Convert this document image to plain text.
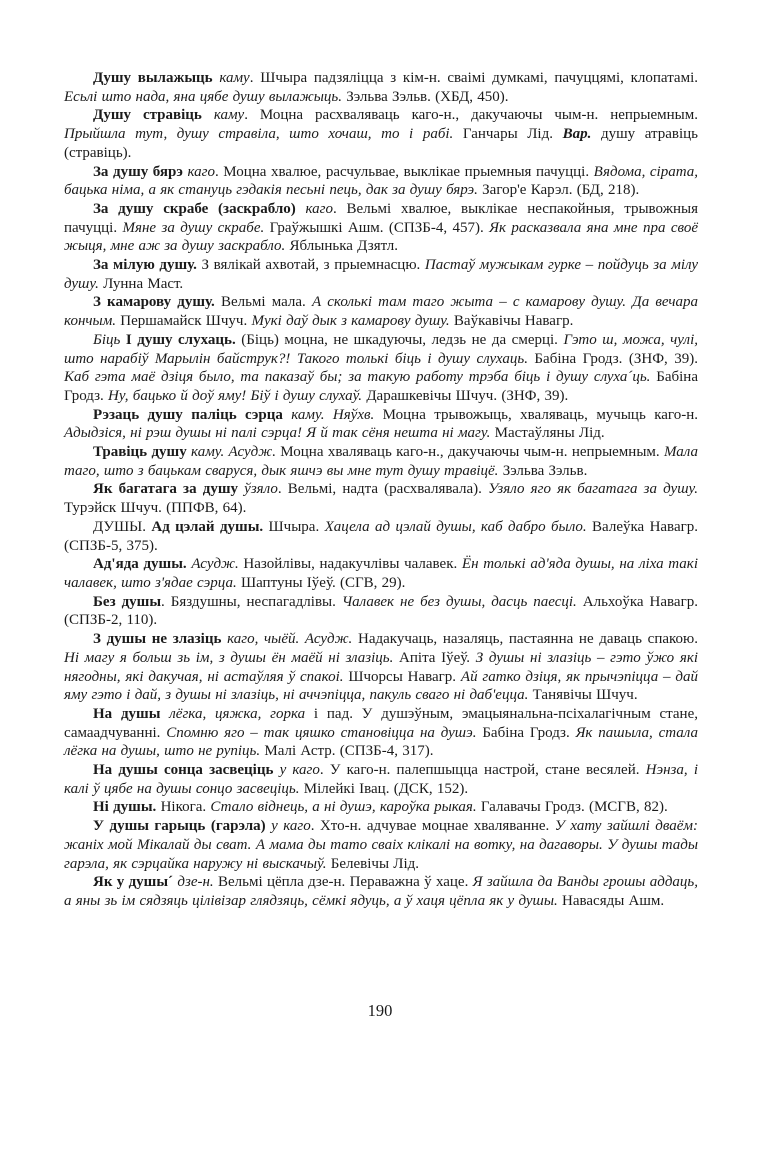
Душу вылажыць каму. Шчыра падзяліцца з кім-н. сваімі думкамі, пачуццямі, клопатамі. Есьлі што нада, яна цябе душу вылажыць. Зэльва Зэльв. (ХБД, 450).

Душу стравіць каму. Моцна расхваляваць каго-н., дакучаючы чым-н. непрыемным. Прыйшла тут, душу стравіла, што хочаш, то і рабі. Ганчары Лід. Вар. душу атравіць (стравіць).

За душу бярэ каго. Моцна хвалюе, расчульвае, выклікае прыемныя пачуцці. Вядома, сірата, бацька німа, а як стануць гэдакія песьні пець, дак за душу бярэ. Загор'е Карэл. (БД, 218).

За душу скрабе (заскрабло) каго. Вельмі хвалюе, выклікае неспакойныя, трывожныя пачуцці. Мяне за душу скрабе. Граўжышкі Ашм. (СПЗБ-4, 457). Як расказвала яна мне пра своё жыця, мне аж за душу заскрабло. Яблынька Дзятл.

За мілую душу. З вялікай ахвотай, з прыемнасцю. Пастаў мужыкам гурке – пойдуць за мілу душу. Лунна Маст.

З камарову душу. Вельмі мала. А сколькі там таго жыта – с камарову душу. Да вечара кончым. Першамайск Шчуч. Мукі даў дык з камарову душу. Ваўкавічы Навагр.

Біць І душу слухаць. (Біць) моцна, не шкадуючы, ледзь не да смерці. Гэто ш, можа, чулі, што нарабіў Марылін байструк?! Такого толькі біць і душу слухаць. Бабіна Гродз. (ЗНФ, 39). Каб гэта маё дзіця было, та паказаў бы; за такую работу трэба біць і душу слуха´ць. Бабіна Гродз. Ну, бацько й доў яму! Біў і душу слухаў. Дарашкевічы Шчуч. (ЗНФ, 39).

Рэзаць душу паліць сэрца каму. Няўхв. Моцна трывожыць, хваляваць, мучыць каго-н. Адыдзіся, ні рэш душы ні палі сэрца! Я й так сёня нешта ні магу. Мастаўляны Лід.

Травіць душу каму. Асудж. Моцна хваляваць каго-н., дакучаючы чым-н. непрыемным. Мала таго, што з бацькам сваруся, дык яшчэ вы мне тут душу травіцё. Зэльва Зэльв.

Як багатага за душу ўзяло. Вельмі, надта (расхвалявала). Узяло яго як багатага за душу. Турэйск Шчуч. (ППФВ, 64).

ДУШЫ. Ад цэлай душы. Шчыра. Хацела ад цэлай душы, каб дабро было. Валеўка Навагр. (СПЗБ-5, 375).

Ад'яда душы. Асудж. Назойлівы, надакучлівы чалавек. Ён толькі ад'яда душы, на ліха такі чалавек, што з'ядае сэрца. Шаптуны Іўеў. (СГВ, 29).

Без душы. Бяздушны, неспагадлівы. Чалавек не без душы, дасць паесці. Альхоўка Навагр. (СПЗБ-2, 110).

З душы не злазіць каго, чыёй. Асудж. Надакучаць, назаляць, пастаянна не даваць спакою. Ні магу я больш зь ім, з душы ён маёй ні злазіць. Апіта Іўеў. З душы ні злазіць – гэто ўжо які нягодны, які дакучая, ні астаўляя ў спакоі. Шчорсы Навагр. Ай гатко дзіця, як прычэпіцца – дай яму гэто і дай, з душы ні злазіць, ні аччэпіцца, пакуль сваго ні даб'ецца. Танявічы Шчуч.

На душы лёгка, цяжка, горка і пад. У душэўным, эмацыянальна-псіхалагічным стане, самаадчуванні. Спомню яго – так цяшко становіцца на душэ. Бабіна Гродз. Як пашыла, стала лёгка на душы, што не рупіць. Малі Астр. (СПЗБ-4, 317).

На душы сонца засвеціць у каго. У каго-н. палепшыцца настрой, стане весялей. Нэнза, і калі ў цябе на душы сонцо засвеціць. Мілейкі Івац. (ДСК, 152).

Ні душы. Нікога. Стало віднець, а ні душэ, кароўка рыкая. Галавачы Гродз. (МСГВ, 82).

У душы гарыць (гарэла) у каго. Хто-н. адчувае моцнае хваляванне. У хату зайшлі дваём: жаніх мой Мікалай ды сват. А мама ды тато сваіх клікалі на вотку, на дагаворы. У душы тады гарэла, як сэрцайка наружу ні выскачыў. Белевічы Лід.

Як у душы´ дзе-н. Вельмі цёпла дзе-н. Пераважна ў хаце. Я зайшла да Ванды грошы аддаць, а яны зь ім сядзяць цілівізар глядзяць, сёмкі ядуць, а ў хаця цёпла як у душы. Навасяды Ашм.

190
